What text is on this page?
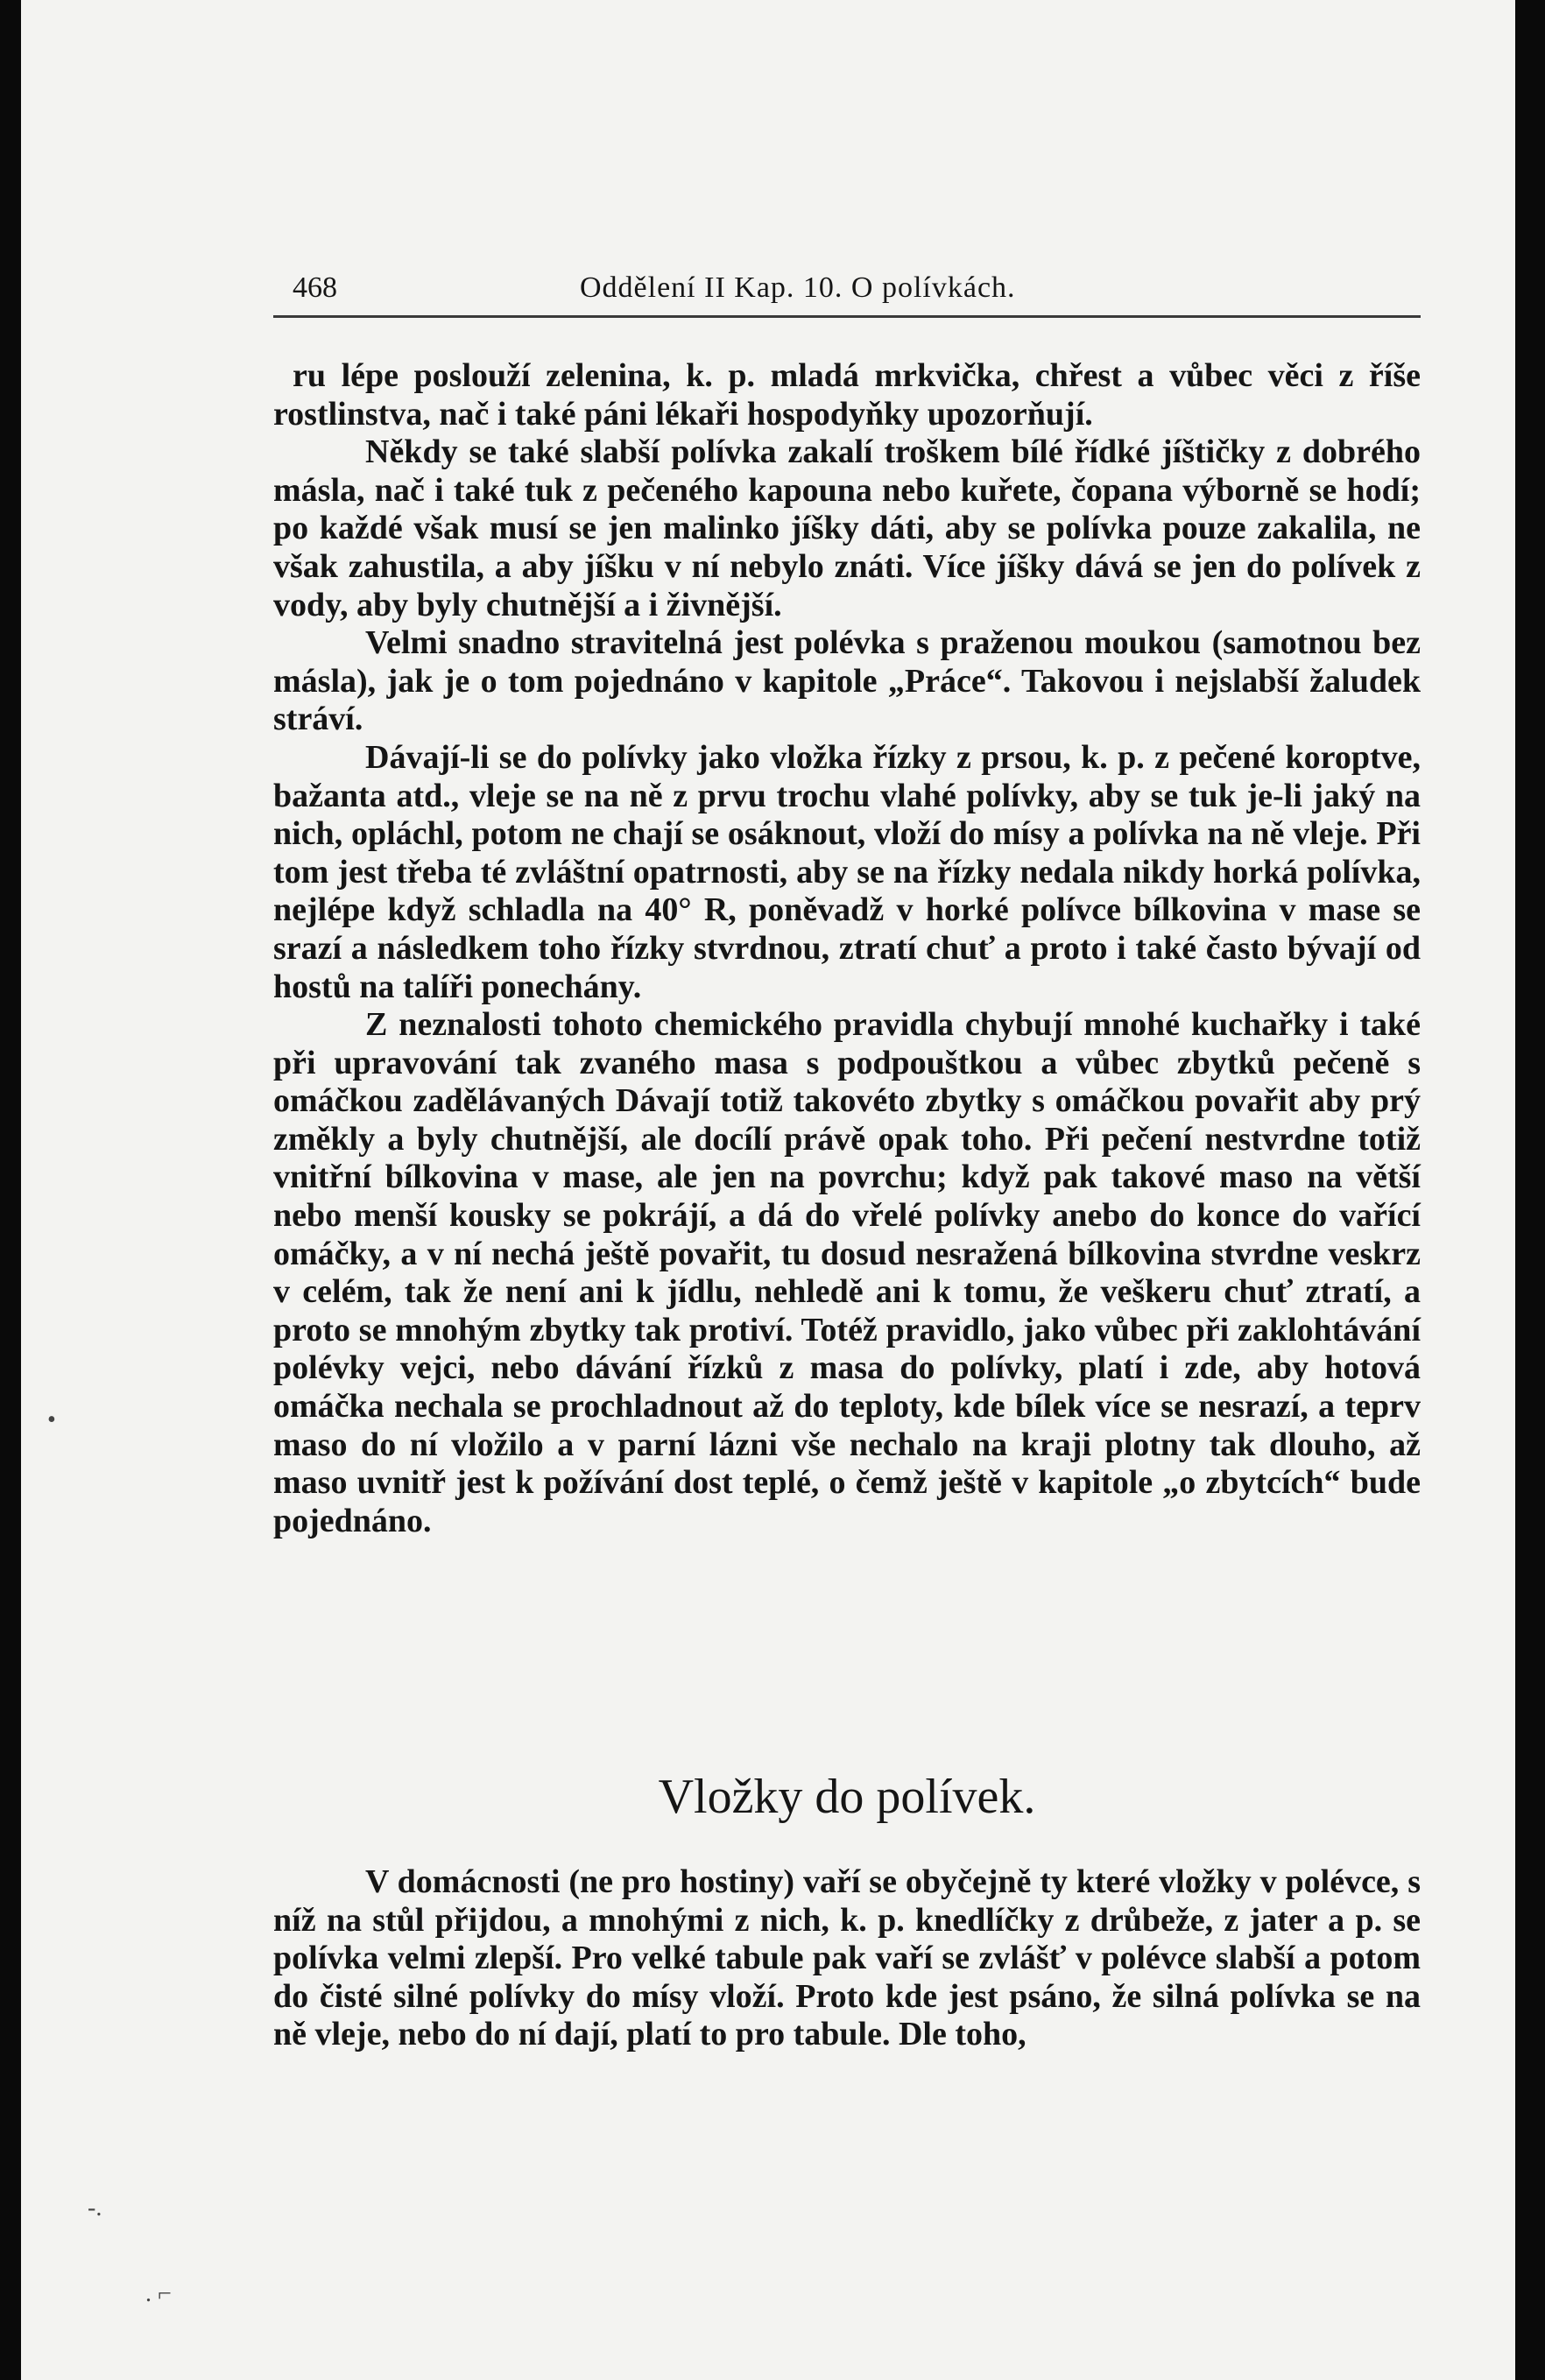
468	Oddělení II Kap. 10. O polívkách.

ru lépe poslouží zelenina, k. p. mladá mrkvička, chřest a vůbec věci z říše rostlinstva, nač i také páni lékaři hospodyňky upozorňují.

Někdy se také slabší polívka zakalí troškem bílé řídké jíštičky z dobrého másla, nač i také tuk z pečeného kapouna nebo kuřete, čopana výborně se hodí; po každé však musí se jen malinko jíšky dáti, aby se polívka pouze zakalila, ne však zahustila, a aby jíšku v ní nebylo znáti. Více jíšky dává se jen do polívek z vody, aby byly chutnější a i živnější.

Velmi snadno stravitelná jest polévka s praženou moukou (samotnou bez másla), jak je o tom pojednáno v kapitole „Práce“. Takovou i nejslabší žaludek stráví.

Dávají-li se do polívky jako vložka řízky z prsou, k. p. z pečené koroptve, bažanta atd., vleje se na ně z prvu trochu vlahé polívky, aby se tuk je-li jaký na nich, opláchl, potom ne chají se osáknout, vloží do mísy a polívka na ně vleje. Při tom jest třeba té zvláštní opatrnosti, aby se na řízky nedala nikdy horká polívka, nejlépe když schladla na 40° R, poněvadž v horké polívce bílkovina v mase se srazí a následkem toho řízky stvrdnou, ztratí chuť a proto i také často bývají od hostů na talíři ponechány.

Z neznalosti tohoto chemického pravidla chybují mnohé kuchařky i také při upravování tak zvaného masa s podpouštkou a vůbec zbytků pečeně s omáčkou zadělávaných Dávají totiž takovéto zbytky s omáčkou povařit aby prý změkly a byly chutnější, ale docílí právě opak toho. Při pečení nestvrdne totiž vnitřní bílkovina v mase, ale jen na povrchu; když pak takové maso na větší nebo menší kousky se pokrájí, a dá do vřelé polívky anebo do konce do vařící omáčky, a v ní nechá ještě povařit, tu dosud nesražená bílkovina stvrdne veskrz v celém, tak že není ani k jídlu, nehledě ani k tomu, že veškeru chuť ztratí, a proto se mnohým zbytky tak protiví. Totéž pravidlo, jako vůbec při zaklohtávání polévky vejci, nebo dávání řízků z masa do polívky, platí i zde, aby hotová omáčka nechala se prochladnout až do teploty, kde bílek více se nesrazí, a teprv maso do ní vložilo a v parní lázni vše nechalo na kraji plotny tak dlouho, až maso uvnitř jest k požívání dost teplé, o čemž ještě v kapitole „o zbytcích“ bude pojednáno.

Vložky do polívek.

V domácnosti (ne pro hostiny) vaří se obyčejně ty které vložky v polévce, s níž na stůl přijdou, a mnohými z nich, k. p. knedlíčky z drůbeže, z jater a p. se polívka velmi zlepší. Pro velké tabule pak vaří se zvlášť v polévce slabší a potom do čisté silné polívky do mísy vloží. Proto kde jest psáno, že silná polívka se na ně vleje, nebo do ní dají, platí to pro tabule. Dle toho,

-.
. ⌐
•
